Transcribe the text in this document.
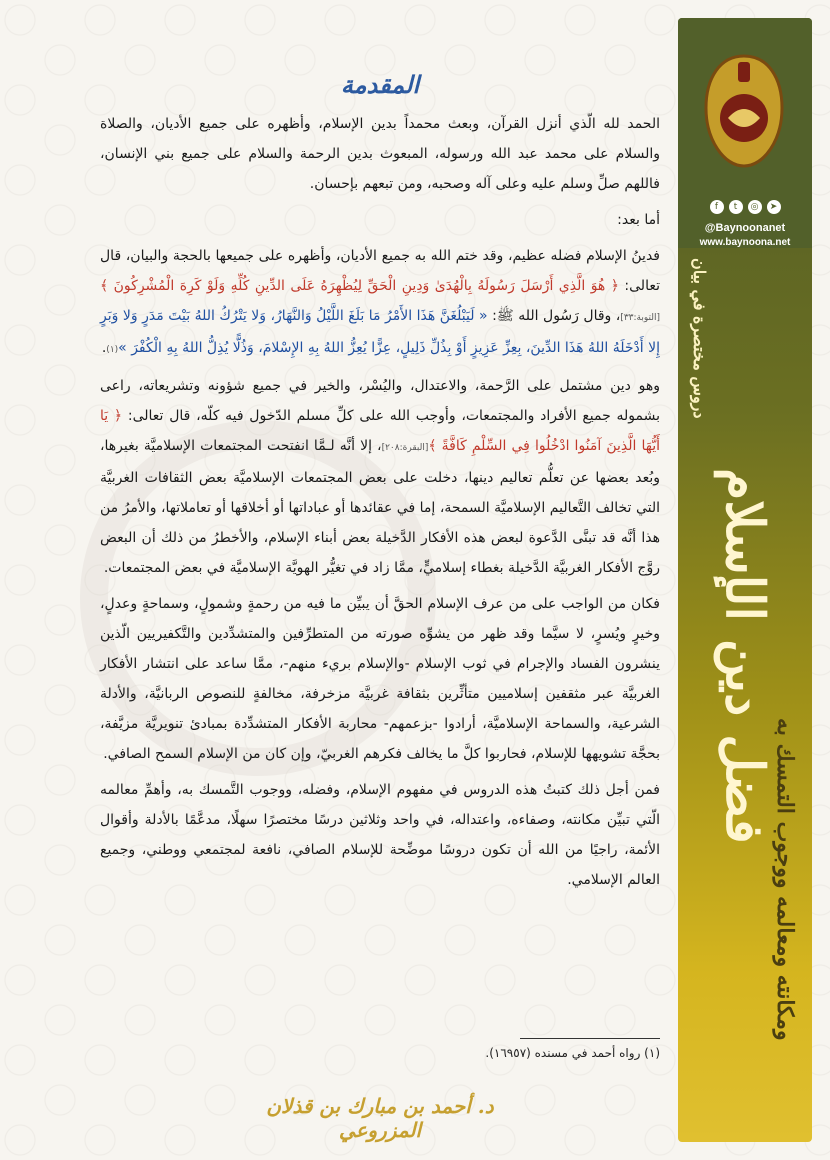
f	t	◎	➤
@Baynoonanet
www.baynoona.net
دروس مختصرة في بيان
فضل دين الإسلام
ومكانته ومعالمه ووجوب التمسك به
المقدمة

الحمد لله الّذي أنزل القرآن، وبعث محمداً بدين الإسلام، وأظهره على جميع الأديان، والصلاة والسلام على محمد عبد الله ورسوله، المبعوث بدين الرحمة والسلام على جميع بني الإنسان، فاللهم صلِّ وسلم عليه وعلى آله وصحبه، ومن تبعهم بإحسان.

أما بعد:

فدينُ الإسلام فضله عظيم، وقد ختم الله به جميع الأديان، وأظهره على جميعها بالحجة والبيان، قال تعالى: ﴿ هُوَ الَّذِي أَرْسَلَ رَسُولَهُ بِالْهُدَىٰ وَدِينِ الْحَقِّ لِيُظْهِرَهُ عَلَى الدِّينِ كُلِّهِ وَلَوْ كَرِهَ الْمُشْرِكُونَ ﴾[التوبة:٣٣]، وقال رَسُول الله ﷺ: « لَيَبْلُغَنَّ هَذَا الأَمْرُ مَا بَلَغَ اللَّيْلُ وَالنَّهَارُ، وَلا يَتْرُكُ اللهُ بَيْتَ مَدَرٍ وَلا وَبَرٍ إِلا أَدْخَلَهُ اللهُ هَذَا الدِّينَ، بِعِزِّ عَزِيزٍ أَوْ بِذُلِّ ذَلِيلٍ، عِزًّا يُعِزُّ اللهُ بِهِ الإِسْلامَ، وَذُلًّا يُذِلُّ اللهُ بِهِ الْكُفْرَ »(١).

وهو دين مشتمل على الرَّحمة، والاعتدال، واليُسْر، والخير في جميع شؤونه وتشريعاته، راعى بشموله جميع الأفراد والمجتمعات، وأوجب الله على كلِّ مسلم الدّخول فيه كلّه، قال تعالى: ﴿ يَا أَيُّهَا الَّذِينَ آمَنُوا ادْخُلُوا فِي السِّلْمِ كَافَّةً ﴾[البقرة:٢٠٨]، إلا أنَّه لـمَّا انفتحت المجتمعات الإسلاميَّة بغيرها، وبُعد بعضها عن تعلُّم تعاليم دينها، دخلت على بعض المجتمعات الإسلاميَّة بعض الثقافات الغربيَّة التي تخالف التَّعاليم الإسلاميَّة السمحة، إما في عقائدها أو عباداتها أو أخلاقها أو تعاملاتها، والأمرُ من هذا أنَّه قد تبنَّى الدَّعوة لبعض هذه الأفكار الدَّخيلة بعض أبناء الإسلام، والأخطرُ من ذلك أن البعض روَّج الأفكار الغربيَّة الدَّخيلة بغطاء إسلاميٍّ، ممَّا زاد في تغيُّر الهويَّة الإسلاميَّة في بعض المجتمعات.

فكان من الواجب على من عرف الإسلام الحقَّ أن يبيِّن ما فيه من رحمةٍ وشمولٍ، وسماحةٍ وعدلٍ، وخيرٍ ويُسرٍ، لا سيَّما وقد ظهر من يشوِّه صورته من المتطرِّفين والمتشدِّدين والتَّكفيريين الّذين ينشرون الفساد والإجرام في ثوب الإسلام -والإسلام بريء منهم-، ممَّا ساعد على انتشار الأفكار الغربيَّة عبر مثقفين إسلاميين متأثِّرين بثقافة غربيَّة مزخرفة، مخالفةٍ للنصوص الربانيَّة، والأدلة الشرعية، والسماحة الإسلاميَّة، أرادوا -بزعمهم- محاربة الأفكار المتشدِّدة بمبادئ تنويريَّة مزيَّفة، بحجَّة تشويهها للإسلام، فحاربوا كلَّ ما يخالف فكرهم الغربيّ، وإن كان من الإسلام السمح الصافي.

فمن أجل ذلك كتبتُ هذه الدروس في مفهوم الإسلام، وفضله، ووجوب التَّمسك به، وأهمِّ معالمه الّتي تبيِّن مكانته، وصفاءه، واعتداله، في واحد وثلاثين درسًا مختصرًا سهلًا، مدعَّمًا بالأدلة وأقوال الأئمة، راجيًا من الله أن تكون دروسًا موضِّحة للإسلام الصافي، نافعة لمجتمعي ووطني، وجميع العالم الإسلامي.

(١) رواه أحمد في مسنده (١٦٩٥٧).
د. أحمد بن مبارك بن قذلان المزروعي
